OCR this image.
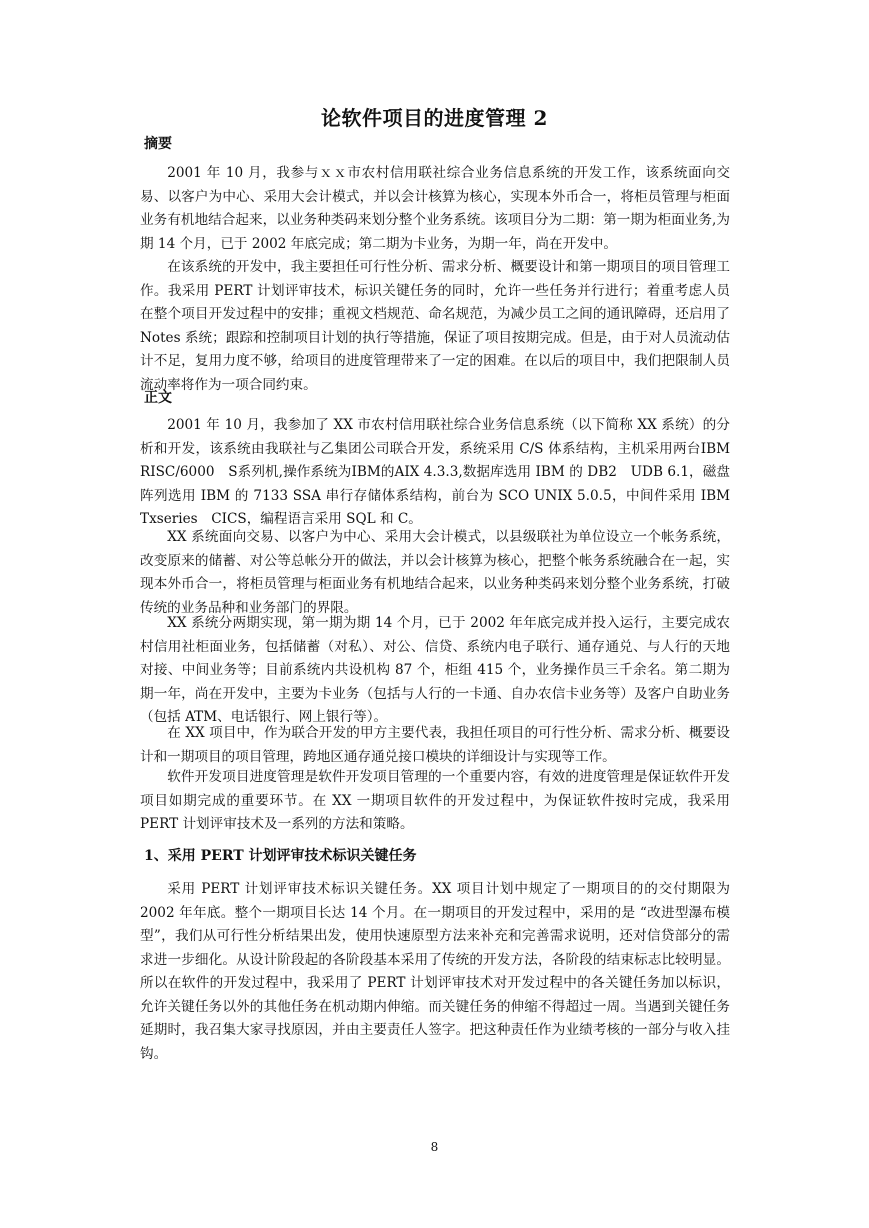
论软件项目的进度管理 2
摘要

2001 年 10 月，我参与ｘｘ市农村信用联社综合业务信息系统的开发工作，该系统面向交易、以客户为中心、采用大会计模式，并以会计核算为核心，实现本外币合一，将柜员管理与柜面业务有机地结合起来，以业务种类码来划分整个业务系统。该项目分为二期：第一期为柜面业务,为期 14 个月，已于 2002 年底完成；第二期为卡业务，为期一年，尚在开发中。

在该系统的开发中，我主要担任可行性分析、需求分析、概要设计和第一期项目的项目管理工作。我采用 PERT 计划评审技术，标识关键任务的同时，允许一些任务并行进行；着重考虑人员在整个项目开发过程中的安排；重视文档规范、命名规范，为减少员工之间的通讯障碍，还启用了 Notes 系统；跟踪和控制项目计划的执行等措施，保证了项目按期完成。但是，由于对人员流动估计不足，复用力度不够，给项目的进度管理带来了一定的困难。在以后的项目中，我们把限制人员流动率将作为一项合同约束。

正文

2001 年 10 月，我参加了 XX 市农村信用联社综合业务信息系统（以下简称 XX 系统）的分析和开发，该系统由我联社与乙集团公司联合开发，系统采用 C/S 体系结构，主机采用两台IBM RISC/6000　S系列机,操作系统为IBM的AIX 4.3.3,数据库选用 IBM 的 DB2　UDB 6.1，磁盘阵列选用 IBM 的 7133 SSA 串行存储体系结构，前台为 SCO UNIX 5.0.5，中间件采用 IBM Txseries　CICS，编程语言采用 SQL 和 C。

XX 系统面向交易、以客户为中心、采用大会计模式，以县级联社为单位设立一个帐务系统，改变原来的储蓄、对公等总帐分开的做法，并以会计核算为核心，把整个帐务系统融合在一起，实现本外币合一，将柜员管理与柜面业务有机地结合起来，以业务种类码来划分整个业务系统，打破传统的业务品种和业务部门的界限。

XX 系统分两期实现，第一期为期 14 个月，已于 2002 年年底完成并投入运行，主要完成农村信用社柜面业务，包括储蓄（对私）、对公、信贷、系统内电子联行、通存通兑、与人行的天地对接、中间业务等；目前系统内共设机构 87 个，柜组 415 个，业务操作员三千余名。第二期为期一年，尚在开发中，主要为卡业务（包括与人行的一卡通、自办农信卡业务等）及客户自助业务（包括 ATM、电话银行、网上银行等）。

在 XX 项目中，作为联合开发的甲方主要代表，我担任项目的可行性分析、需求分析、概要设计和一期项目的项目管理，跨地区通存通兑接口模块的详细设计与实现等工作。

软件开发项目进度管理是软件开发项目管理的一个重要内容，有效的进度管理是保证软件开发项目如期完成的重要环节。在 XX 一期项目软件的开发过程中，为保证软件按时完成，我采用 PERT 计划评审技术及一系列的方法和策略。

1、采用 PERT 计划评审技术标识关键任务

采用 PERT 计划评审技术标识关键任务。XX 项目计划中规定了一期项目的的交付期限为 2002 年年底。整个一期项目长达 14 个月。在一期项目的开发过程中，采用的是 “改进型瀑布模型”，我们从可行性分析结果出发，使用快速原型方法来补充和完善需求说明，还对信贷部分的需求进一步细化。从设计阶段起的各阶段基本采用了传统的开发方法，各阶段的结束标志比较明显。所以在软件的开发过程中，我采用了 PERT 计划评审技术对开发过程中的各关键任务加以标识，允许关键任务以外的其他任务在机动期内伸缩。而关键任务的伸缩不得超过一周。当遇到关键任务延期时，我召集大家寻找原因，并由主要责任人签字。把这种责任作为业绩考核的一部分与收入挂钩。

8
